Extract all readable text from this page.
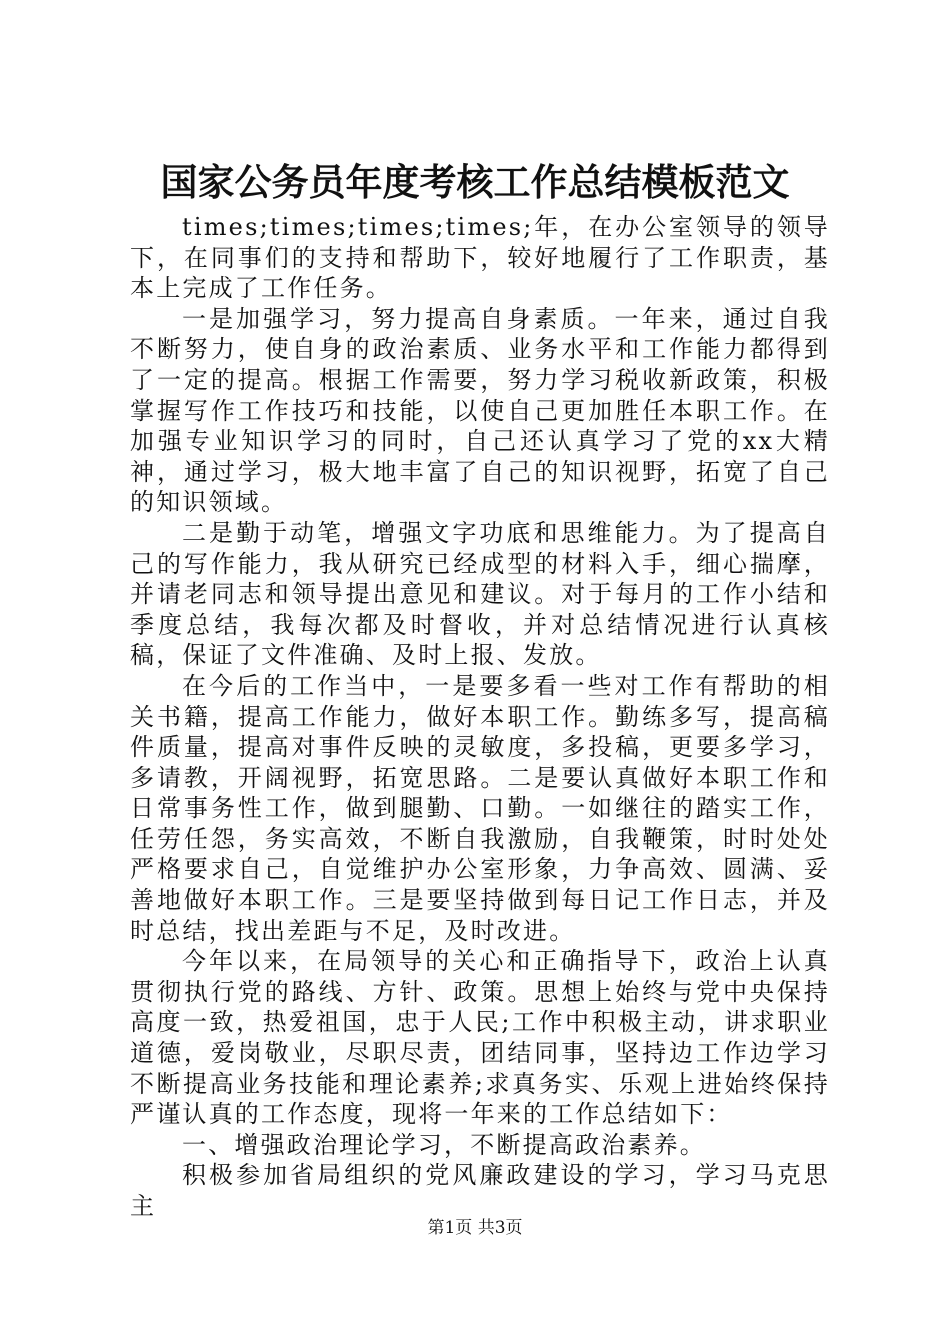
国家公务员年度考核工作总结模板范文

times;times;times;times;年，在办公室领导的领导下，在同事们的支持和帮助下，较好地履行了工作职责，基本上完成了工作任务。

一是加强学习，努力提高自身素质。一年来，通过自我不断努力，使自身的政治素质、业务水平和工作能力都得到了一定的提高。根据工作需要，努力学习税收新政策，积极掌握写作工作技巧和技能，以使自己更加胜任本职工作。在加强专业知识学习的同时，自己还认真学习了党的xx大精神，通过学习，极大地丰富了自己的知识视野，拓宽了自己的知识领域。

二是勤于动笔，增强文字功底和思维能力。为了提高自己的写作能力，我从研究已经成型的材料入手，细心揣摩，并请老同志和领导提出意见和建议。对于每月的工作小结和季度总结，我每次都及时督收，并对总结情况进行认真核稿，保证了文件准确、及时上报、发放。

在今后的工作当中，一是要多看一些对工作有帮助的相关书籍，提高工作能力，做好本职工作。勤练多写，提高稿件质量，提高对事件反映的灵敏度，多投稿，更要多学习，多请教，开阔视野，拓宽思路。二是要认真做好本职工作和日常事务性工作，做到腿勤、口勤。一如继往的踏实工作，任劳任怨，务实高效，不断自我激励，自我鞭策，时时处处严格要求自己，自觉维护办公室形象，力争高效、圆满、妥善地做好本职工作。三是要坚持做到每日记工作日志，并及时总结，找出差距与不足，及时改进。

今年以来，在局领导的关心和正确指导下，政治上认真贯彻执行党的路线、方针、政策。思想上始终与党中央保持高度一致，热爱祖国，忠于人民;工作中积极主动，讲求职业道德，爱岗敬业，尽职尽责，团结同事，坚持边工作边学习不断提高业务技能和理论素养;求真务实、乐观上进始终保持严谨认真的工作态度，现将一年来的工作总结如下：

一、增强政治理论学习，不断提高政治素养。

积极参加省局组织的党风廉政建设的学习，学习马克思主

第1页 共3页
